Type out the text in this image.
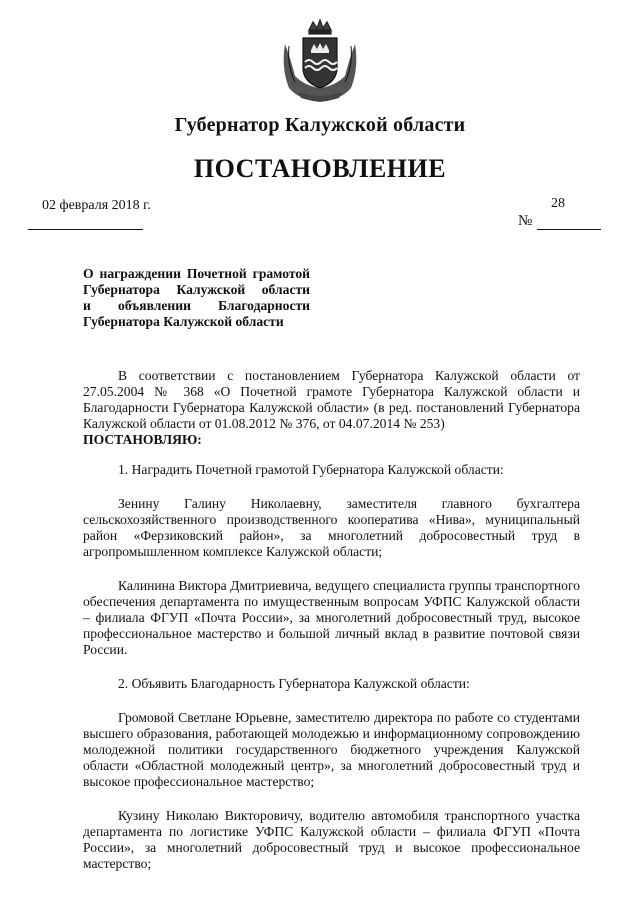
Губернатор Калужской области
ПОСТАНОВЛЕНИЕ
02 февраля 2018 г.	28
№
О награждении Почетной грамотой
Губернатора Калужской области
и объявлении Благодарности
Губернатора Калужской области

В соответствии с постановлением Губернатора Калужской области от 27.05.2004 № 368 «О Почетной грамоте Губернатора Калужской области и Благодарности Губернатора Калужской области» (в ред. постановлений Губернатора Калужской области от 01.08.2012 № 376, от 04.07.2014 № 253)

ПОСТАНОВЛЯЮ:

1. Наградить Почетной грамотой Губернатора Калужской области:

Зенину Галину Николаевну, заместителя главного бухгалтера сельскохозяйственного производственного кооператива «Нива», муниципальный район «Ферзиковский район», за многолетний добросовестный труд в агропромышленном комплексе Калужской области;

Калинина Виктора Дмитриевича, ведущего специалиста группы транспортного обеспечения департамента по имущественным вопросам УФПС Калужской области – филиала ФГУП «Почта России», за многолетний добросовестный труд, высокое профессиональное мастерство и большой личный вклад в развитие почтовой связи России.

2. Объявить Благодарность Губернатора Калужской области:

Громовой Светлане Юрьевне, заместителю директора по работе со студентами высшего образования, работающей молодежью и информационному сопровождению молодежной политики государственного бюджетного учреждения Калужской области «Областной молодежный центр», за многолетний добросовестный труд и высокое профессиональное мастерство;

Кузину Николаю Викторовичу, водителю автомобиля транспортного участка департамента по логистике УФПС Калужской области – филиала ФГУП «Почта России», за многолетний добросовестный труд и высокое профессиональное мастерство;
